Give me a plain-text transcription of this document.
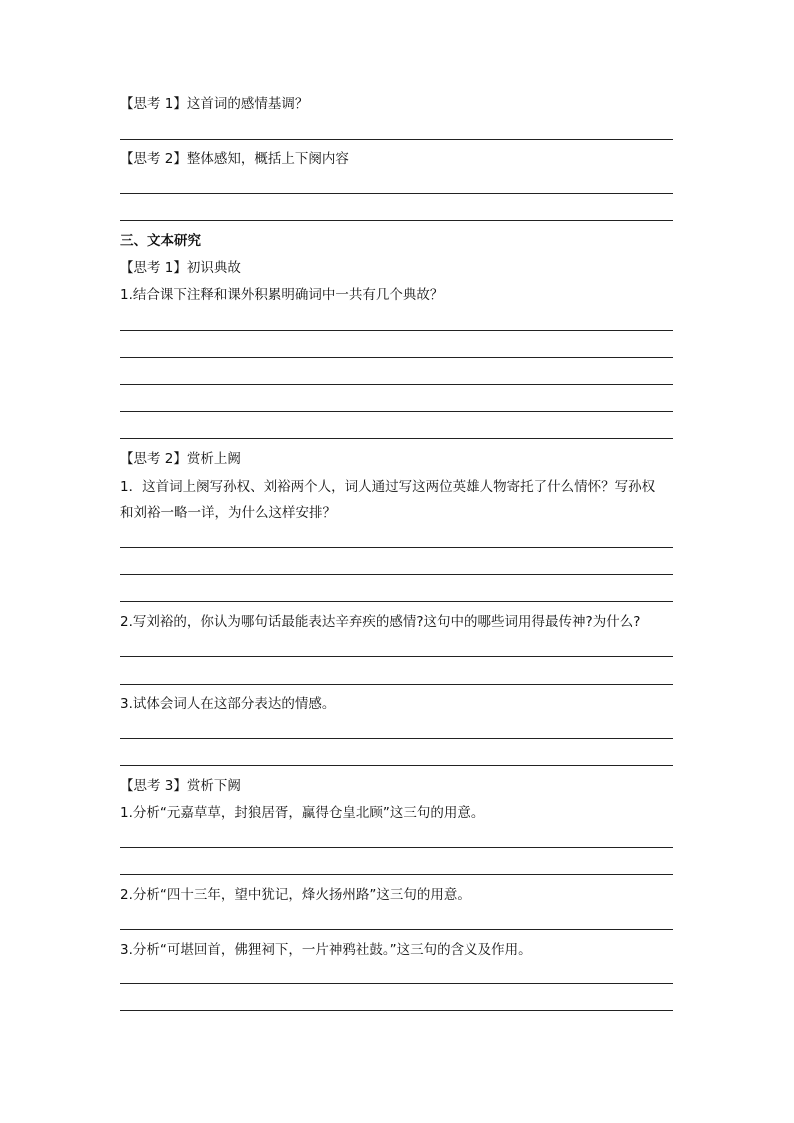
【思考 1】这首词的感情基调？
【思考 2】整体感知，概括上下阕内容
三、文本研究
【思考 1】初识典故
1.结合课下注释和课外积累明确词中一共有几个典故？
【思考 2】赏析上阙
1．这首词上阕写孙权、刘裕两个人，词人通过写这两位英雄人物寄托了什么情怀？写孙权
和刘裕一略一详，为什么这样安排？
2.写刘裕的，你认为哪句话最能表达辛弃疾的感情?这句中的哪些词用得最传神?为什么?
3.试体会词人在这部分表达的情感。
【思考 3】赏析下阙
1.分析“元嘉草草，封狼居胥，赢得仓皇北顾”这三句的用意。
2.分析“四十三年，望中犹记，烽火扬州路”这三句的用意。
3.分析“可堪回首，佛狸祠下，一片神鸦社鼓。”这三句的含义及作用。
